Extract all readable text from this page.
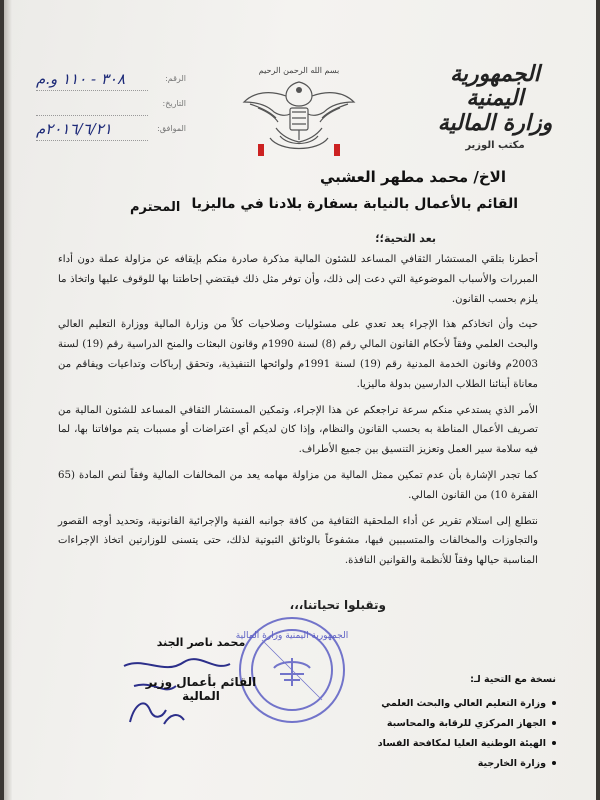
الجمهورية اليمنية
وزارة المالية
مكتب الوزير
بسم الله الرحمن الرحيم
الرقم:
٣٠٨ - ١١٠ و.م
التاريخ:
الموافق:
٢٠١٦/٦/٢١م
الاخ/ محمد مطهر العشبي
القائم بالأعمال بالنيابة بسفارة بلادنا في ماليزيا
المحترم
بعد التحية؛؛

أحطرنا بتلقي المستشار الثقافي المساعد للشئون المالية مذكرة صادرة منكم بإيقافه عن مزاولة عملة دون أداء المبررات والأسباب الموضوعية التي دعت إلى ذلك، وأن توفر مثل ذلك فيقتضي إحاطتنا بها للوقوف عليها واتخاذ ما يلزم بحسب القانون.

حيث وأن اتخاذكم هذا الإجراء يعد تعدي على مسئوليات وصلاحيات كلاً من وزارة المالية ووزارة التعليم العالي والبحث العلمي وفقاً لأحكام القانون المالي رقم (8) لسنة 1990م وقانون البعثات والمنح الدراسية رقم (19) لسنة 2003م وقانون الخدمة المدنية رقم (19) لسنة 1991م ولوائحها التنفيذية، وتحقق إرباكات وتداعيات ويفاقم من معاناة أبنائنا الطلاب الدارسين بدولة ماليزيا.

الأمر الذي يستدعي منكم سرعة تراجعكم عن هذا الإجراء، وتمكين المستشار الثقافي المساعد للشئون المالية من تصريف الأعمال المناطة به بحسب القانون والنظام، وإذا كان لديكم أي اعتراضات أو مسببات يتم موافاتنا بها، لما فيه سلامة سير العمل وتعزيز التنسيق بين جميع الأطراف.

كما تجدر الإشارة بأن عدم تمكين ممثل المالية من مزاولة مهامه يعد من المخالفات المالية وفقاً لنص المادة (65 الفقرة 10) من القانون المالي.

نتطلع إلى استلام تقرير عن أداء الملحقية الثقافية من كافة جوانبه الفنية والإجرائية القانونية، وتحديد أوجه القصور والتجاوزات والمخالفات والمتسببين فيها، مشفوعاً بالوثائق الثبوتية لذلك، حتى يتسنى للوزارتين اتخاذ الإجراءات المناسبة حيالها وفقاً للأنظمة والقوانين النافذة.

وتقبلوا تحياتنا،،،
الجمهورية اليمنية وزارة المالية
محمد ناصر الجند
القائم بأعمال وزير المالية
نسخة مع التحية لـ:
وزارة التعليم العالي والبحث العلمي
الجهاز المركزي للرقابة والمحاسبة
الهيئة الوطنية العليا لمكافحة الفساد
وزارة الخارجية
